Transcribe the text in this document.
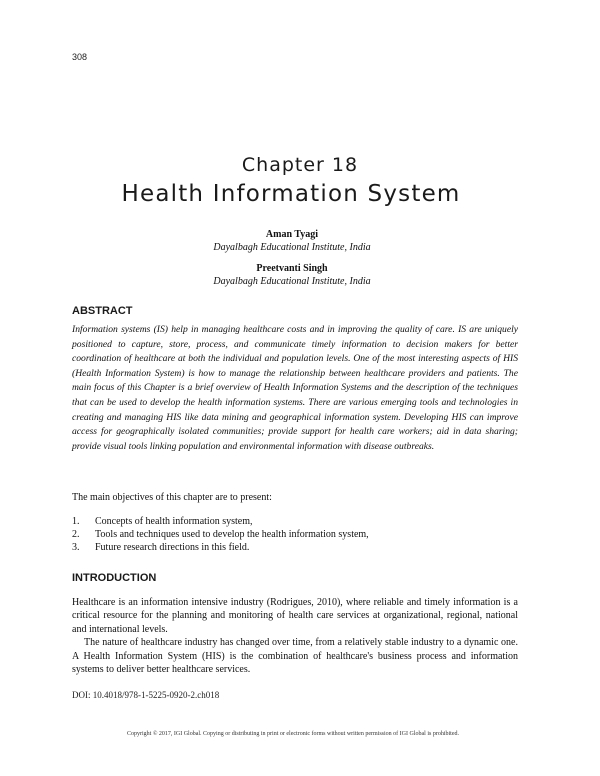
308
Chapter 18
Health Information System
Aman Tyagi
Dayalbagh Educational Institute, India
Preetvanti Singh
Dayalbagh Educational Institute, India
ABSTRACT
Information systems (IS) help in managing healthcare costs and in improving the quality of care. IS are uniquely positioned to capture, store, process, and communicate timely information to decision makers for better coordination of healthcare at both the individual and population levels. One of the most interesting aspects of HIS (Health Information System) is how to manage the relationship between healthcare providers and patients. The main focus of this Chapter is a brief overview of Health Information Systems and the description of the techniques that can be used to develop the health information systems. There are various emerging tools and technologies in creating and managing HIS like data mining and geographical information system. Developing HIS can improve access for geographically isolated communities; provide support for health care workers; aid in data sharing; provide visual tools linking population and environmental information with disease outbreaks.
The main objectives of this chapter are to present:
1.	Concepts of health information system,
2.	Tools and techniques used to develop the health information system,
3.	Future research directions in this field.
INTRODUCTION

Healthcare is an information intensive industry (Rodrigues, 2010), where reliable and timely information is a critical resource for the planning and monitoring of health care services at organizational, regional, national and international levels.

The nature of healthcare industry has changed over time, from a relatively stable industry to a dynamic one. A Health Information System (HIS) is the combination of healthcare's business process and information systems to deliver better healthcare services.

DOI: 10.4018/978-1-5225-0920-2.ch018
Copyright © 2017, IGI Global. Copying or distributing in print or electronic forms without written permission of IGI Global is prohibited.
